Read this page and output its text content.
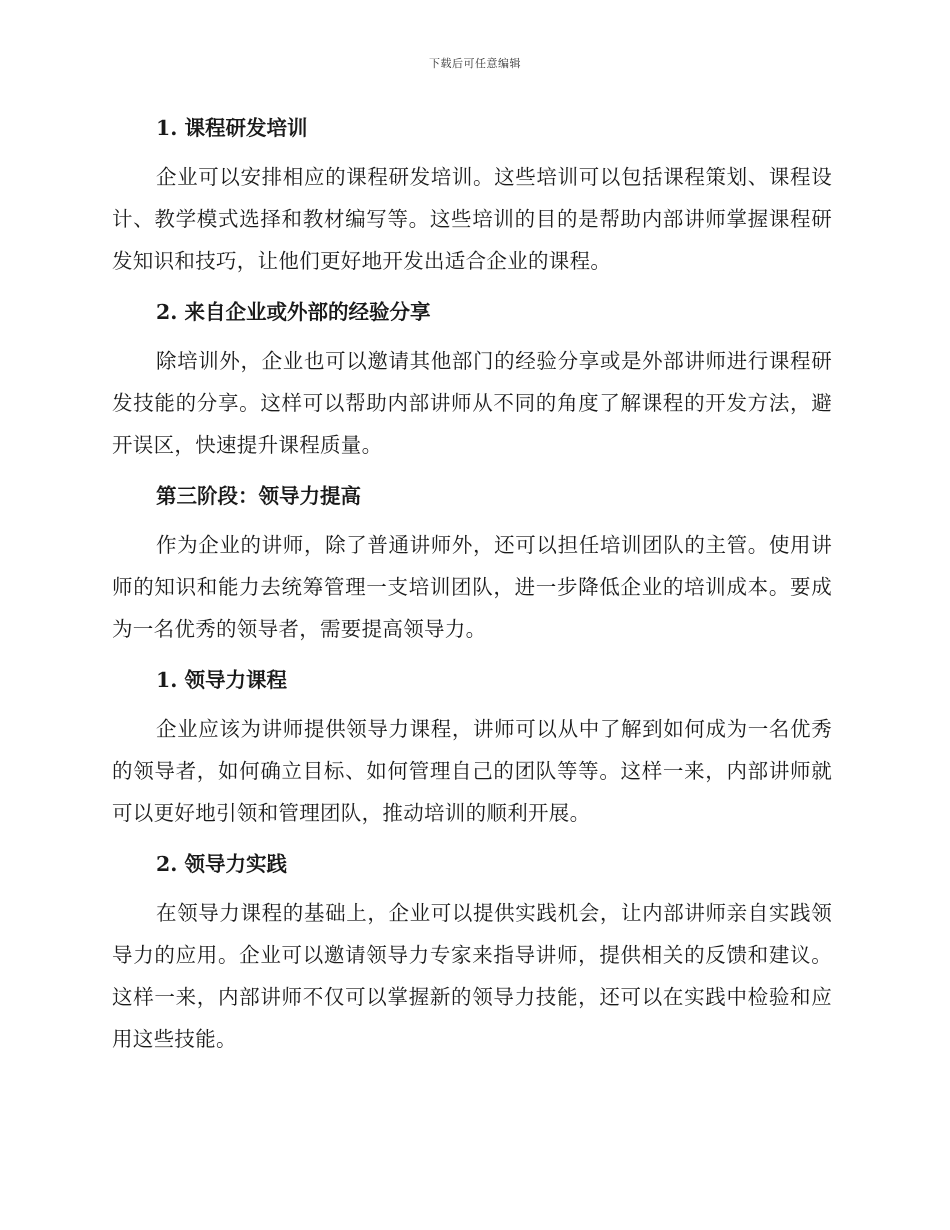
下载后可任意编辑
1. 课程研发培训

企业可以安排相应的课程研发培训。这些培训可以包括课程策划、课程设计、教学模式选择和教材编写等。这些培训的目的是帮助内部讲师掌握课程研发知识和技巧，让他们更好地开发出适合企业的课程。

2. 来自企业或外部的经验分享

除培训外，企业也可以邀请其他部门的经验分享或是外部讲师进行课程研发技能的分享。这样可以帮助内部讲师从不同的角度了解课程的开发方法，避开误区，快速提升课程质量。

第三阶段：领导力提高

作为企业的讲师，除了普通讲师外，还可以担任培训团队的主管。使用讲师的知识和能力去统筹管理一支培训团队，进一步降低企业的培训成本。要成为一名优秀的领导者，需要提高领导力。

1. 领导力课程

企业应该为讲师提供领导力课程，讲师可以从中了解到如何成为一名优秀的领导者，如何确立目标、如何管理自己的团队等等。这样一来，内部讲师就可以更好地引领和管理团队，推动培训的顺利开展。

2. 领导力实践

在领导力课程的基础上，企业可以提供实践机会，让内部讲师亲自实践领导力的应用。企业可以邀请领导力专家来指导讲师，提供相关的反馈和建议。这样一来，内部讲师不仅可以掌握新的领导力技能，还可以在实践中检验和应用这些技能。
